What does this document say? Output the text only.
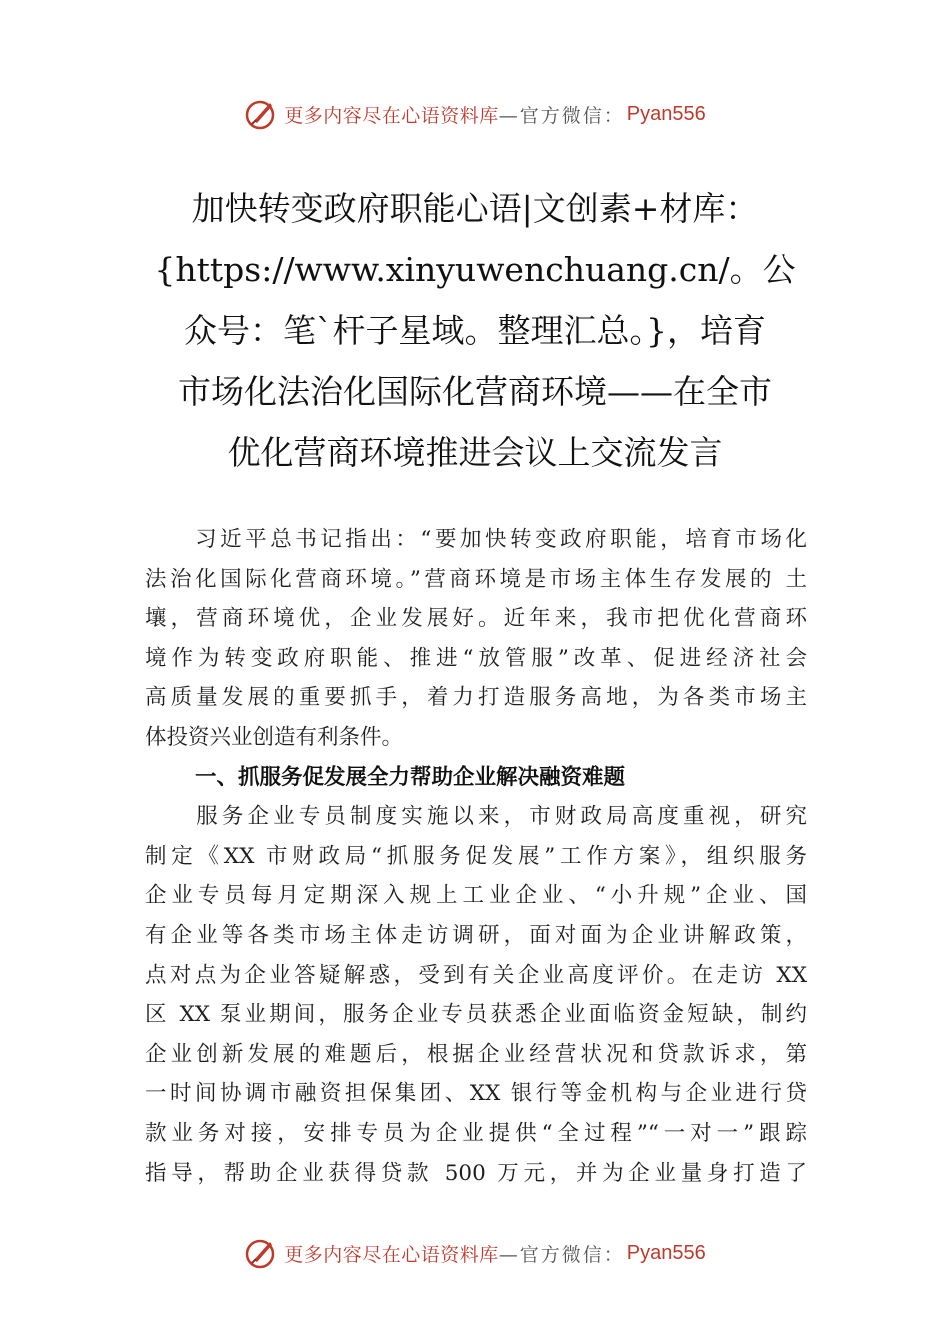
更多内容尽在心语资料库 —官方微信： Pyan556
加快转变政府职能心语|文创素+材库：
{https://www.xinyuwenchuang.cn/。公
众号：笔`杆子星域。整理汇总。}，培育
市场化法治化国际化营商环境——在全市
优化营商环境推进会议上交流发言
　　习近平总书记指出：“要加快转变政府职能，培育市场化
法治化国际化营商环境。”营商环境是市场主体生存发展的 土
壤，营商环境优，企业发展好。近年来，我市把优化营商环
境作为转变政府职能、推进“放管服”改革、促进经济社会
高质量发展的重要抓手，着力打造服务高地，为各类市场主
体投资兴业创造有利条件。
一、抓服务促发展全力帮助企业解决融资难题
　　服务企业专员制度实施以来，市财政局高度重视，研究
制定《XX 市财政局“抓服务促发展”工作方案》，组织服务
企业专员每月定期深入规上工业企业、“小升规”企业、国
有企业等各类市场主体走访调研，面对面为企业讲解政策，
点对点为企业答疑解惑，受到有关企业高度评价。在走访 XX
区 XX 泵业期间，服务企业专员获悉企业面临资金短缺，制约
企业创新发展的难题后，根据企业经营状况和贷款诉求，第
一时间协调市融资担保集团、XX 银行等金机构与企业进行贷
款业务对接，安排专员为企业提供“全过程”“一对一”跟踪
指导，帮助企业获得贷款 500 万元，并为企业量身打造了
更多内容尽在心语资料库 —官方微信： Pyan556
